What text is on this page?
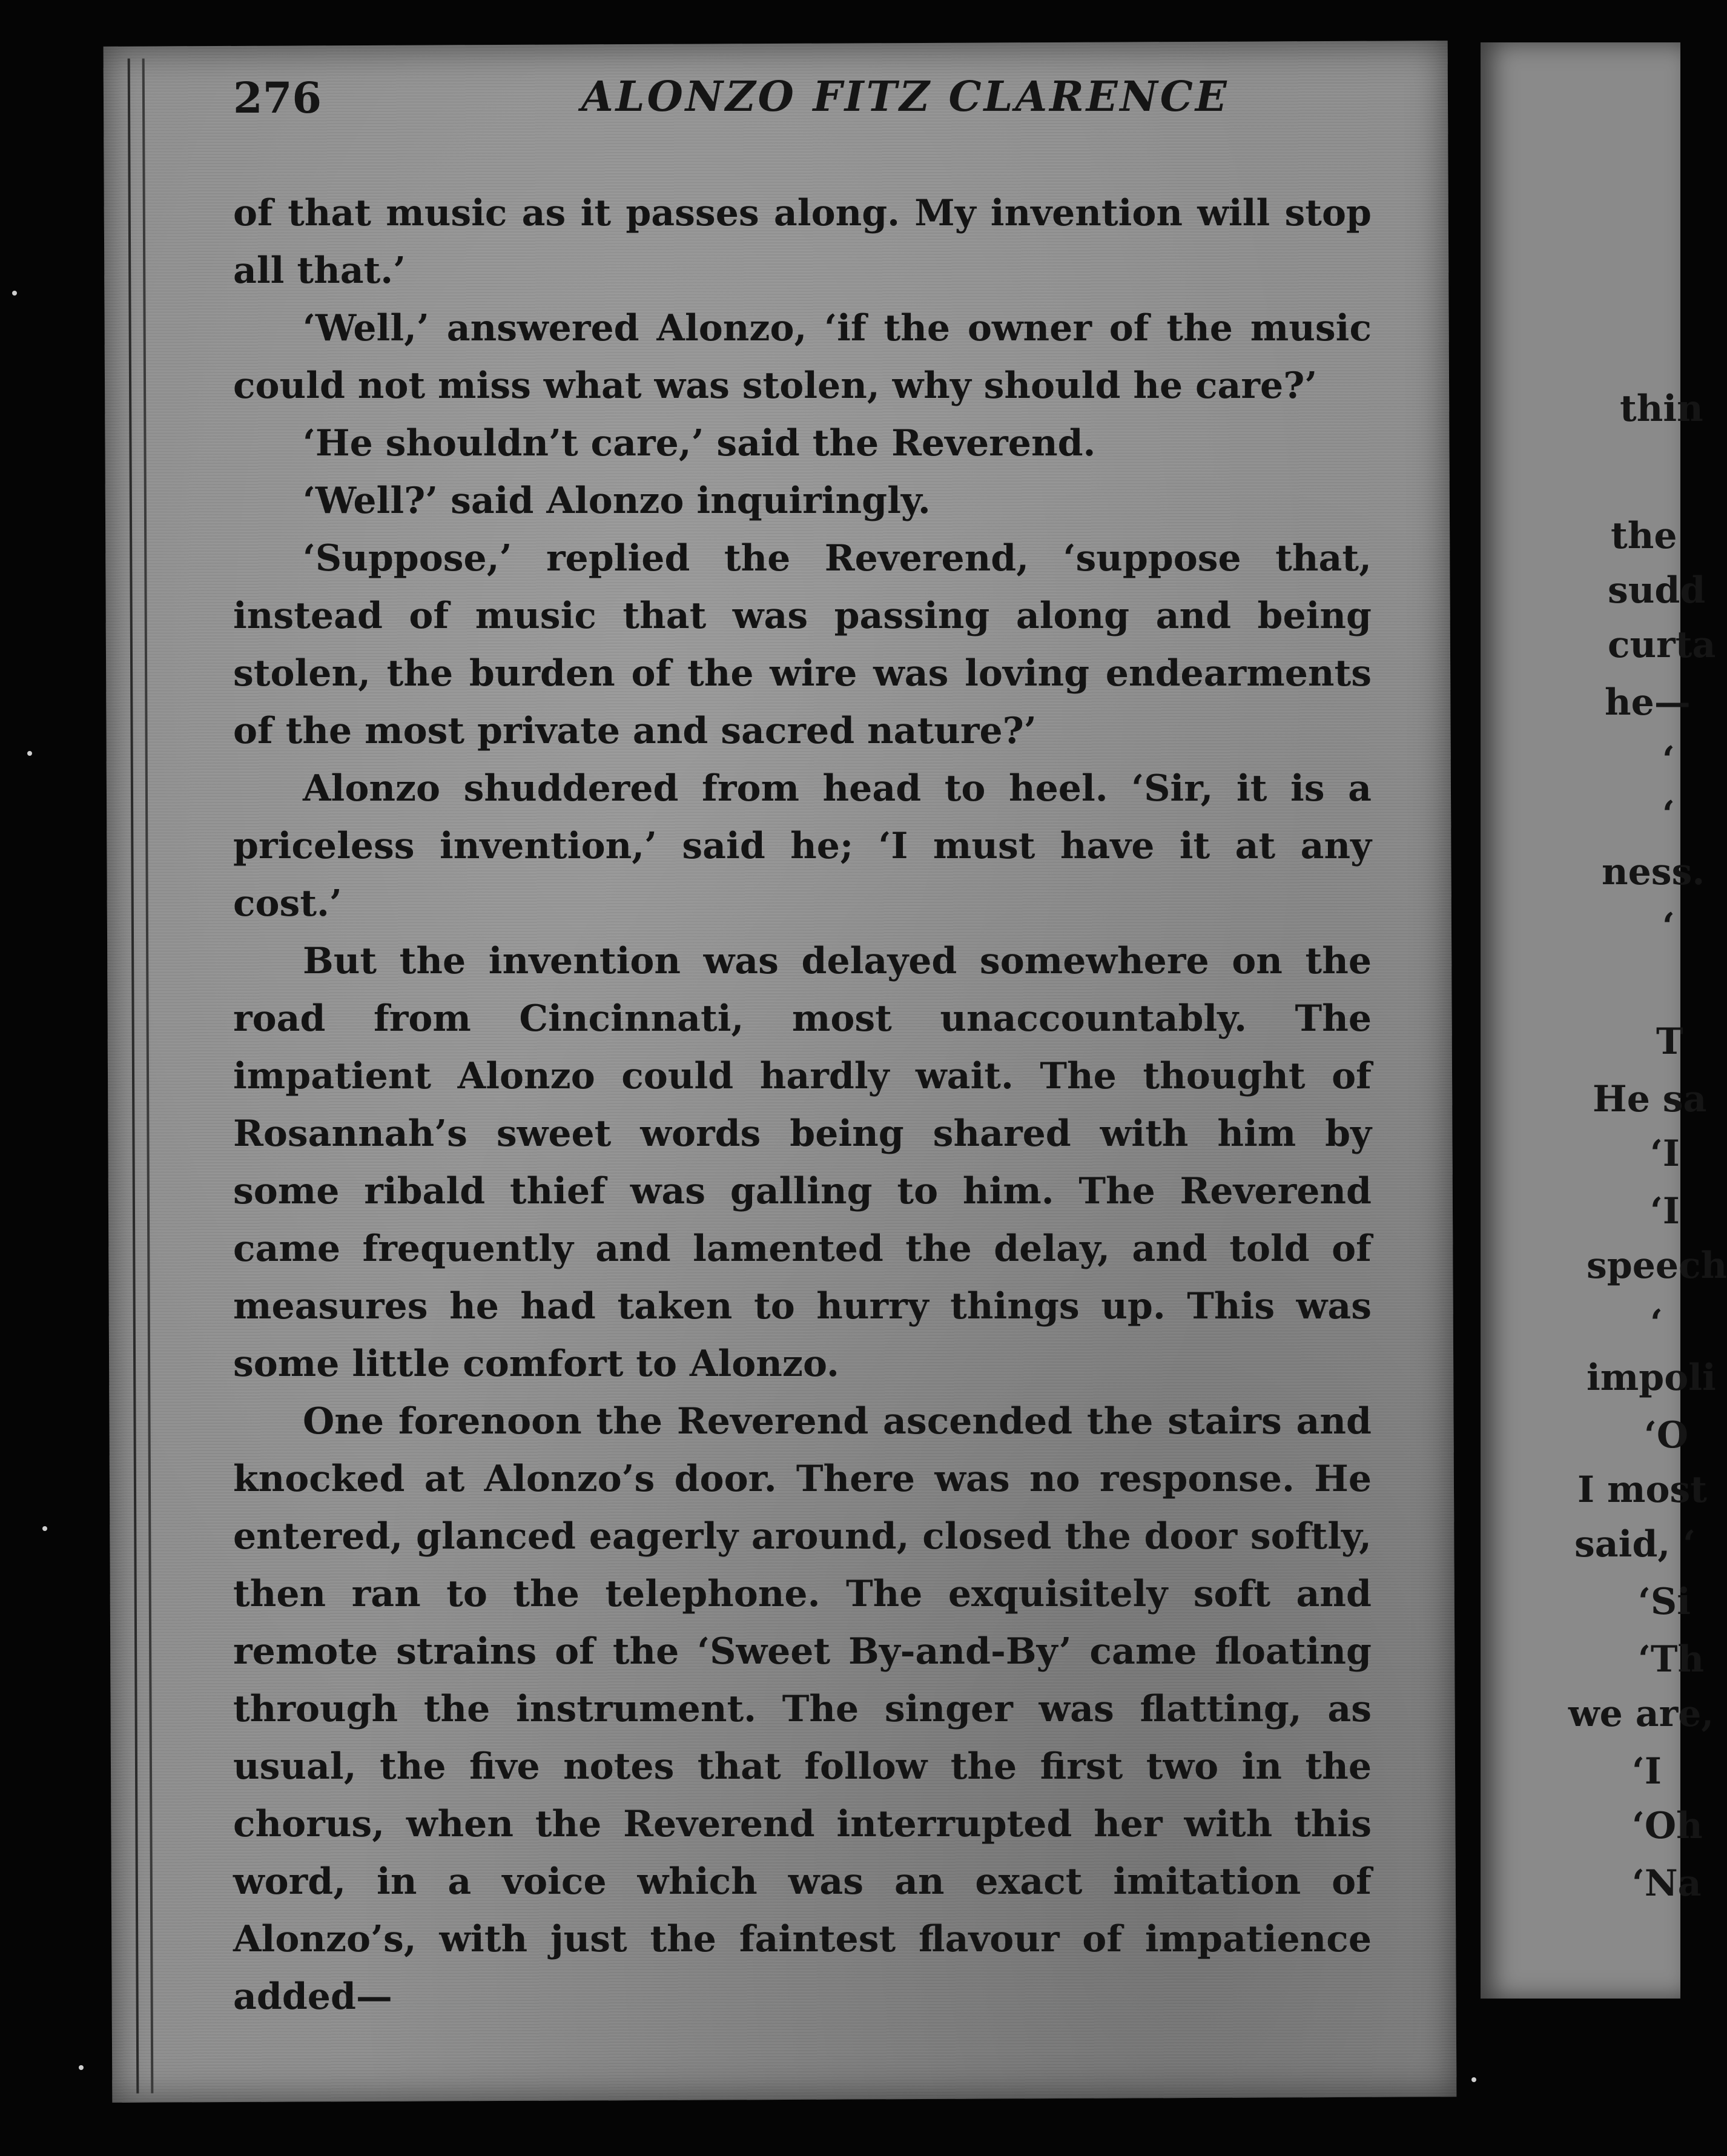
276	ALONZO FITZ CLARENCE

of that music as it passes along. My invention will stop all that.’

‘Well,’ answered Alonzo, ‘if the owner of the music could not miss what was stolen, why should he care?’

‘He shouldn’t care,’ said the Reverend.

‘Well?’ said Alonzo inquiringly.

‘Suppose,’ replied the Reverend, ‘suppose that, instead of music that was passing along and being stolen, the burden of the wire was loving endearments of the most private and sacred nature?’

Alonzo shuddered from head to heel. ‘Sir, it is a priceless invention,’ said he; ‘I must have it at any cost.’

But the invention was delayed somewhere on the road from Cincinnati, most unaccountably. The impatient Alonzo could hardly wait. The thought of Rosannah’s sweet words being shared with him by some ribald thief was galling to him. The Reverend came frequently and lamented the delay, and told of measures he had taken to hurry things up. This was some little comfort to Alonzo.

One forenoon the Reverend ascended the stairs and knocked at Alonzo’s door. There was no response. He entered, glanced eagerly around, closed the door softly, then ran to the telephone. The exquisitely soft and remote strains of the ‘Sweet By-and-By’ came floating through the instrument. The singer was flatting, as usual, the five notes that follow the first two in the chorus, when the Reverend interrupted her with this word, in a voice which was an exact imitation of Alonzo’s, with just the faintest flavour of impatience added—

thin
the
sudd
curta
he—
‘
‘
ness.
‘
T
He sa
‘I
‘I
speech
‘
impoli
‘O
I most
said, ‘
‘Si
‘Th
we are,
‘I
‘Oh
‘Na
